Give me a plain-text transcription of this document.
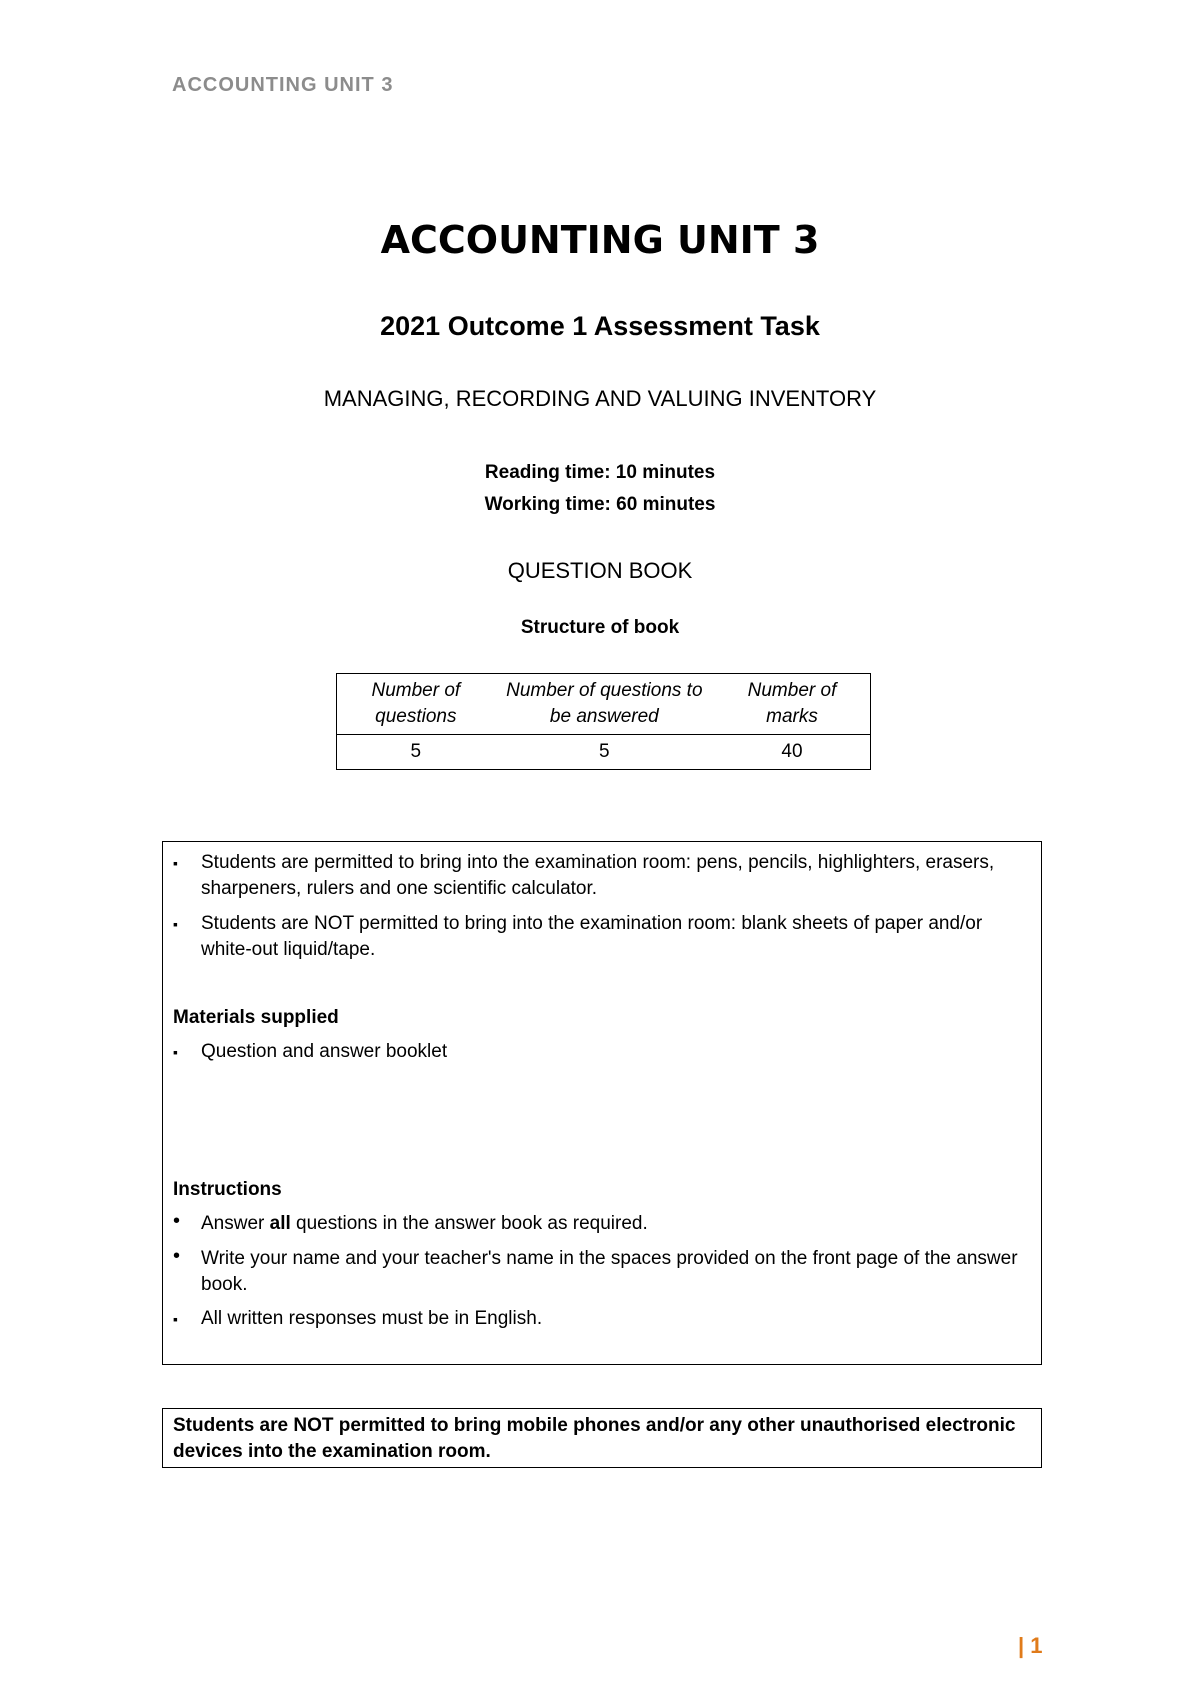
ACCOUNTING UNIT 3
ACCOUNTING UNIT 3
2021 Outcome 1 Assessment Task
MANAGING, RECORDING AND VALUING INVENTORY
Reading time: 10 minutes
Working time: 60 minutes
QUESTION BOOK
Structure of book
Number of questions	Number of questions to be answered	Number of marks
5	5	40
▪	Students are permitted to bring into the examination room: pens, pencils, highlighters, erasers, sharpeners, rulers and one scientific calculator.
▪	Students are NOT permitted to bring into the examination room: blank sheets of paper and/or white-out liquid/tape.
Materials supplied
▪	Question and answer booklet
Instructions
•	Answer all questions in the answer book as required.
•	Write your name and your teacher's name in the spaces provided on the front page of the answer book.
▪	All written responses must be in English.
Students are NOT permitted to bring mobile phones and/or any other unauthorised electronic devices into the examination room.
| 1
